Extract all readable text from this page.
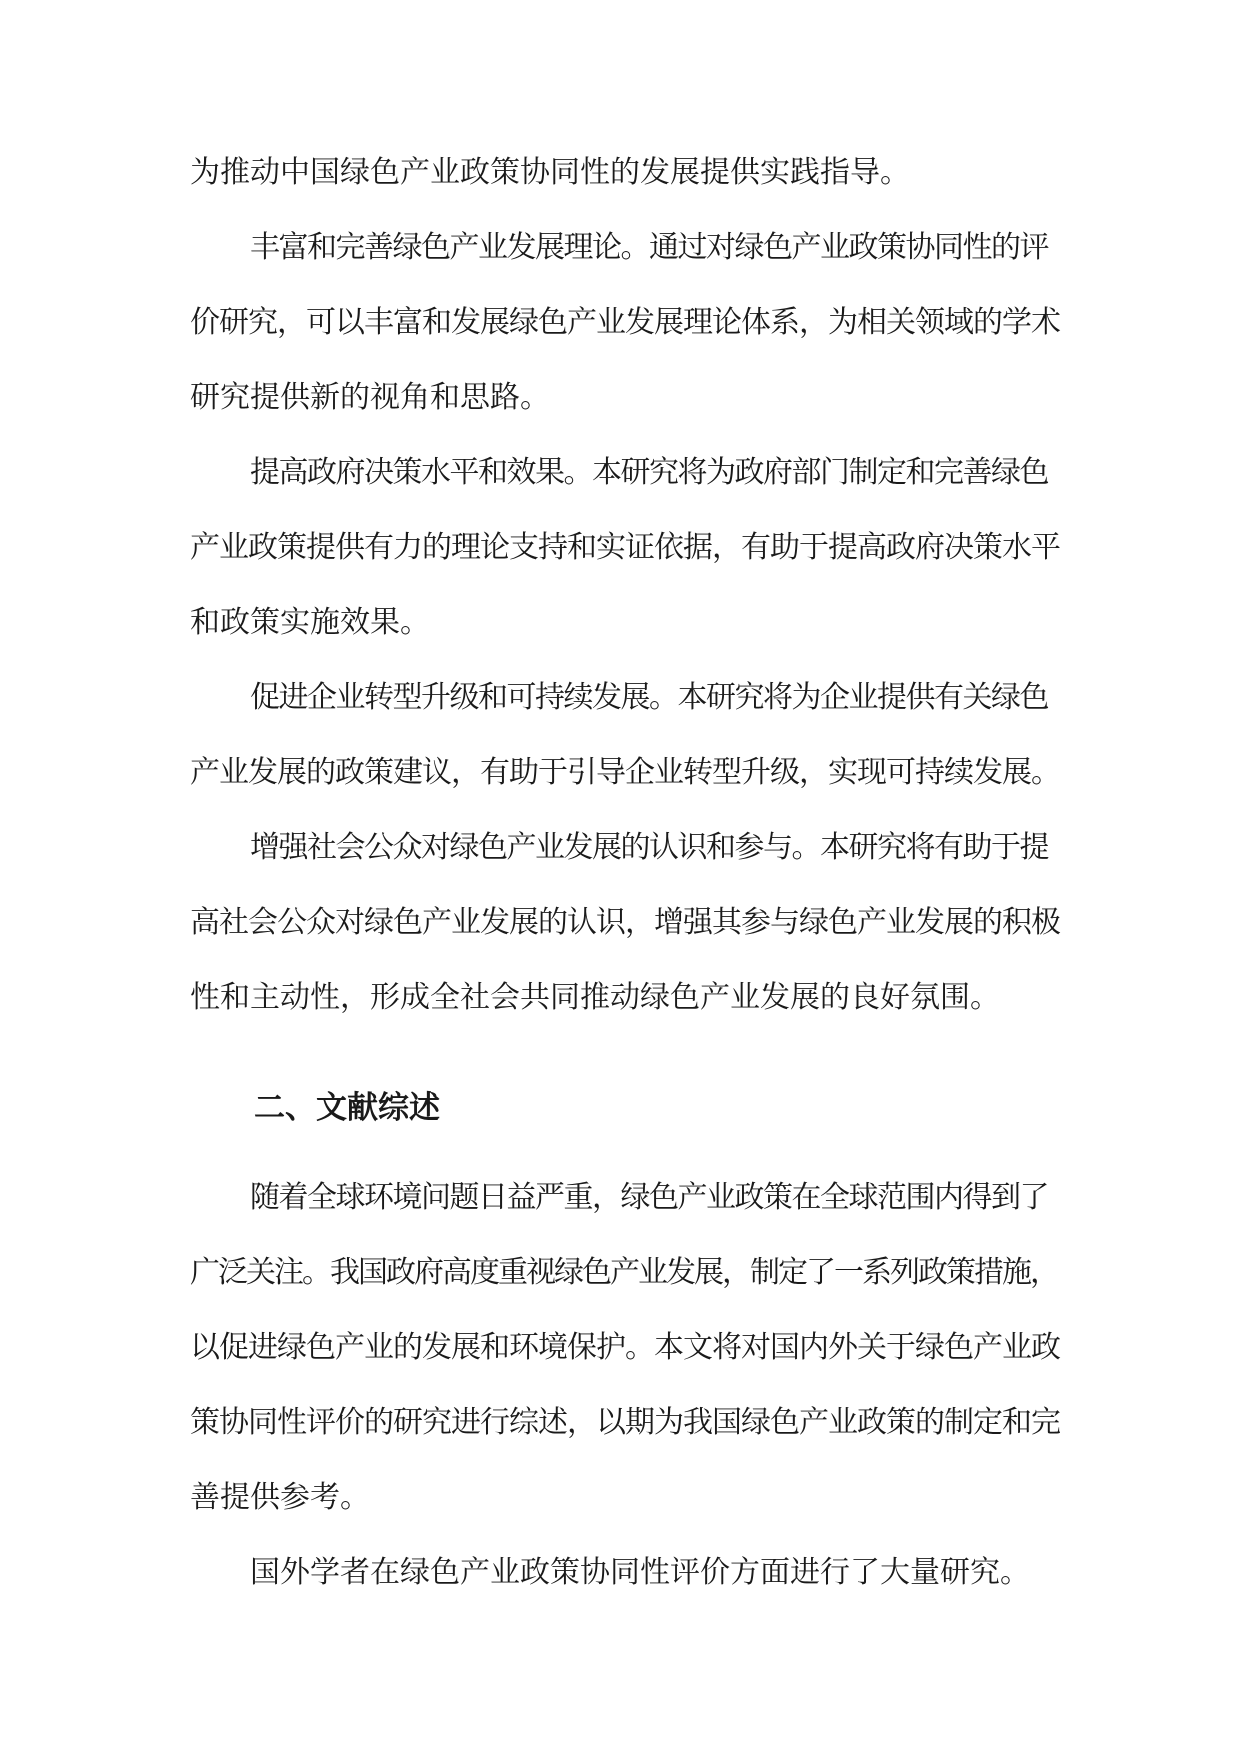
为推动中国绿色产业政策协同性的发展提供实践指导。

丰富和完善绿色产业发展理论。通过对绿色产业政策协同性的评

价研究，可以丰富和发展绿色产业发展理论体系，为相关领域的学术

研究提供新的视角和思路。

提高政府决策水平和效果。本研究将为政府部门制定和完善绿色

产业政策提供有力的理论支持和实证依据，有助于提高政府决策水平

和政策实施效果。

促进企业转型升级和可持续发展。本研究将为企业提供有关绿色

产业发展的政策建议，有助于引导企业转型升级，实现可持续发展。

增强社会公众对绿色产业发展的认识和参与。本研究将有助于提

高社会公众对绿色产业发展的认识，增强其参与绿色产业发展的积极

性和主动性，形成全社会共同推动绿色产业发展的良好氛围。

二、文献综述

随着全球环境问题日益严重，绿色产业政策在全球范围内得到了

广泛关注。我国政府高度重视绿色产业发展，制定了一系列政策措施，

以促进绿色产业的发展和环境保护。本文将对国内外关于绿色产业政

策协同性评价的研究进行综述，以期为我国绿色产业政策的制定和完

善提供参考。

国外学者在绿色产业政策协同性评价方面进行了大量研究。
